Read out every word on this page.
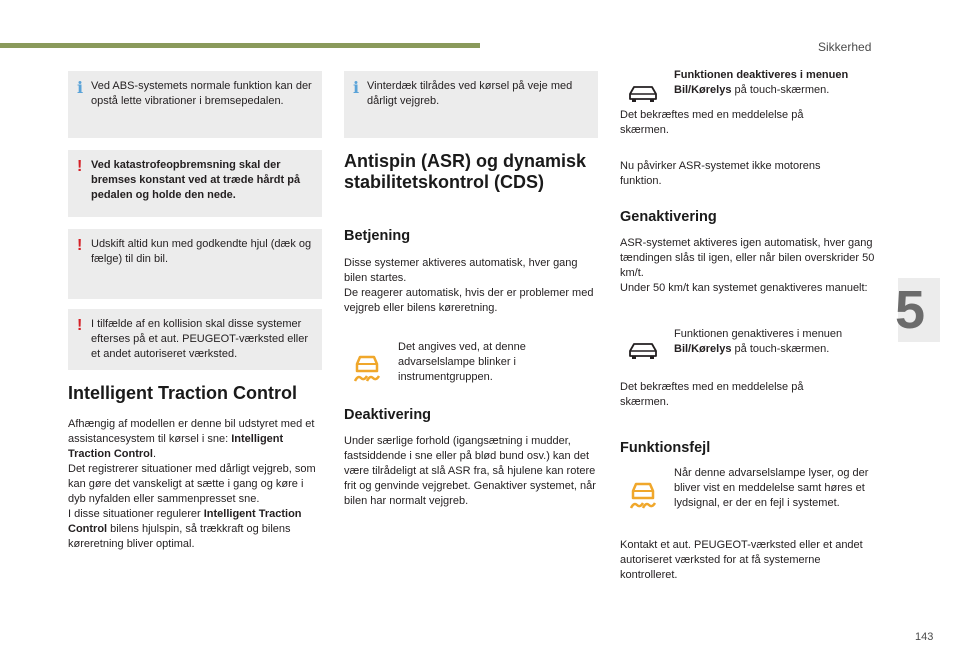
Sikkerhed
5
143
i Ved ABS-systemets normale funktion kan der opstå lette vibrationer i bremsepedalen.

! Ved katastrofeopbremsning skal der bremses konstant ved at træde hårdt på pedalen og holde den nede.

! Udskift altid kun med godkendte hjul (dæk og fælge) til din bil.

! I tilfælde af en kollision skal disse systemer efterses på et aut. PEUGEOT-værksted eller et andet autoriseret værksted.

Intelligent Traction Control
Afhængig af modellen er denne bil udstyret med et assistancesystem til kørsel i sne: Intelligent Traction Control.
Det registrerer situationer med dårligt vejgreb, som kan gøre det vanskeligt at sætte i gang og køre i dyb nyfalden eller sammenpresset sne.
I disse situationer regulerer Intelligent Traction Control bilens hjulspin, så trækkraft og bilens køreretning bliver optimal.
i Vinterdæk tilrådes ved kørsel på veje med dårligt vejgreb.

Antispin (ASR) og dynamisk stabilitetskontrol (CDS)
Betjening
Disse systemer aktiveres automatisk, hver gang bilen startes.
De reagerer automatisk, hvis der er problemer med vejgreb eller bilens køreretning.

Det angives ved, at denne advarselslampe blinker i instrumentgruppen.

Deaktivering

Under særlige forhold (igangsætning i mudder, fastsiddende i sne eller på blød bund osv.) kan det være tilrådeligt at slå ASR fra, så hjulene kan rotere frit og genvinde vejgrebet. Genaktiver systemet, når bilen har normalt vejgreb.

Funktionen deaktiveres i menuen Bil/Kørelys på touch-skærmen.

Det bekræftes med en meddelelse på skærmen.

Nu påvirker ASR-systemet ikke motorens funktion.

Genaktivering
ASR-systemet aktiveres igen automatisk, hver gang tændingen slås til igen, eller når bilen overskrider 50 km/t.
Under 50 km/t kan systemet genaktiveres manuelt:
Funktionen genaktiveres i menuen Bil/Kørelys på touch-skærmen.

Det bekræftes med en meddelelse på skærmen.

Funktionsfejl

Når denne advarselslampe lyser, og der bliver vist en meddelelse samt høres et lydsignal, er der en fejl i systemet.

Kontakt et aut. PEUGEOT-værksted eller et andet autoriseret værksted for at få systemerne kontrolleret.
